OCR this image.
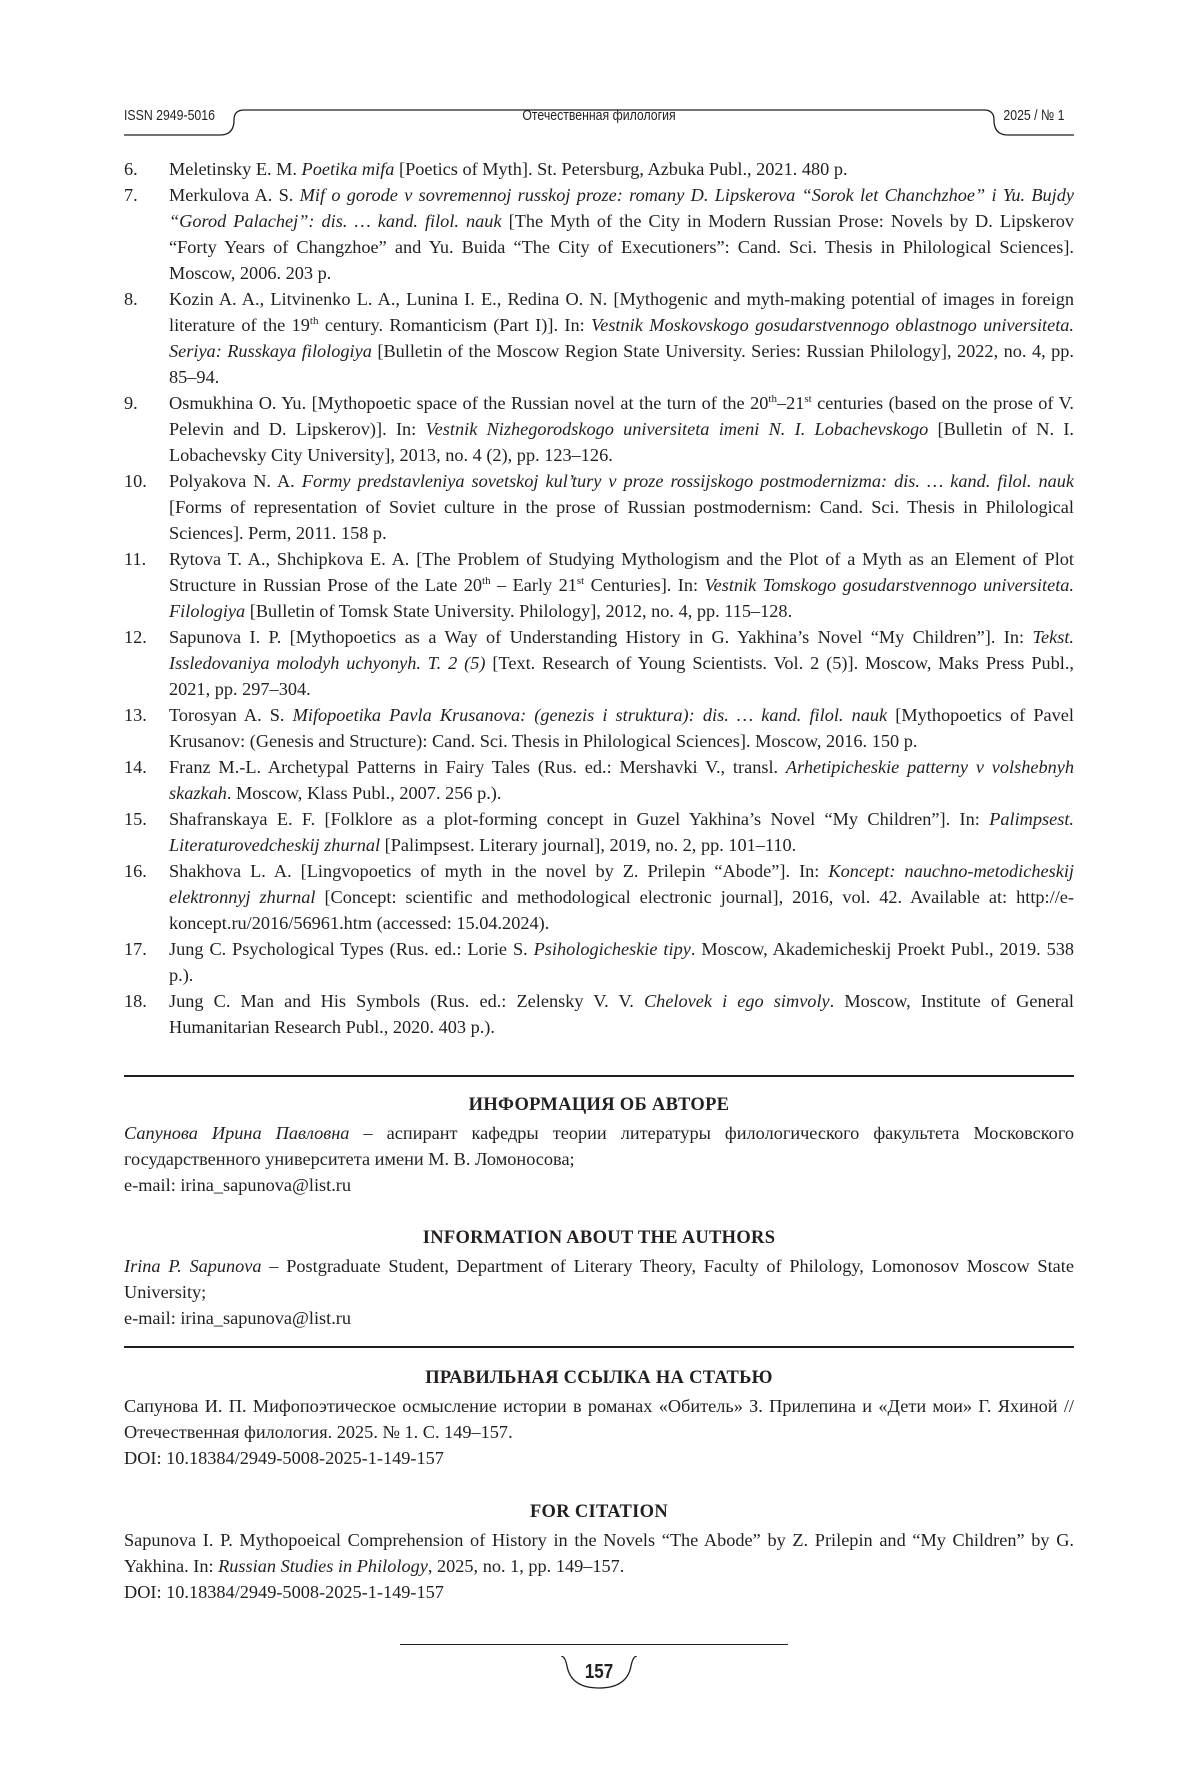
ISSN 2949-5016	Отечественная филология	2025 / № 1
6.	Meletinsky E. M. Poetika mifa [Poetics of Myth]. St. Petersburg, Azbuka Publ., 2021. 480 p.
7.	Merkulova A. S. Mif o gorode v sovremennoj russkoj proze: romany D. Lipskerova “Sorok let Chanchzhoe” i Yu. Bujdy “Gorod Palachej”: dis. … kand. filol. nauk [The Myth of the City in Modern Russian Prose: Novels by D. Lipskerov “Forty Years of Changzhoe” and Yu. Buida “The City of Executioners”: Cand. Sci. Thesis in Philological Sciences]. Moscow, 2006. 203 p.
8.	Kozin A. A., Litvinenko L. A., Lunina I. E., Redina O. N. [Mythogenic and myth-making potential of images in foreign literature of the 19th century. Romanticism (Part I)]. In: Vestnik Moskovskogo gosudarstvennogo oblastnogo universiteta. Seriya: Russkaya filologiya [Bulletin of the Moscow Region State University. Series: Russian Philology], 2022, no. 4, pp. 85–94.
9.	Osmukhina O. Yu. [Mythopoetic space of the Russian novel at the turn of the 20th–21st centuries (based on the prose of V. Pelevin and D. Lipskerov)]. In: Vestnik Nizhegorodskogo universiteta imeni N. I. Lobachevskogo [Bulletin of N. I. Lobachevsky City University], 2013, no. 4 (2), pp. 123–126.
10.	Polyakova N. A. Formy predstavleniya sovetskoj kul’tury v proze rossijskogo postmodernizma: dis. … kand. filol. nauk [Forms of representation of Soviet culture in the prose of Russian postmodernism: Cand. Sci. Thesis in Philological Sciences]. Perm, 2011. 158 p.
11.	Rytova T. A., Shchipkova E. A. [The Problem of Studying Mythologism and the Plot of a Myth as an Element of Plot Structure in Russian Prose of the Late 20th – Early 21st Centuries]. In: Vestnik Tomskogo gosudarstvennogo universiteta. Filologiya [Bulletin of Tomsk State University. Philology], 2012, no. 4, pp. 115–128.
12.	Sapunova I. P. [Mythopoetics as a Way of Understanding History in G. Yakhina’s Novel “My Children”]. In: Tekst. Issledovaniya molodyh uchyonyh. T. 2 (5) [Text. Research of Young Scientists. Vol. 2 (5)]. Moscow, Maks Press Publ., 2021, pp. 297–304.
13.	Torosyan A. S. Mifopoetika Pavla Krusanova: (genezis i struktura): dis. … kand. filol. nauk [Mythopoetics of Pavel Krusanov: (Genesis and Structure): Cand. Sci. Thesis in Philological Sciences]. Moscow, 2016. 150 p.
14.	Franz M.-L. Archetypal Patterns in Fairy Tales (Rus. ed.: Mershavki V., transl. Arhetipicheskie patterny v volshebnyh skazkah. Moscow, Klass Publ., 2007. 256 p.).
15.	Shafranskaya E. F. [Folklore as a plot-forming concept in Guzel Yakhina’s Novel “My Children”]. In: Palimpsest. Literaturovedcheskij zhurnal [Palimpsest. Literary journal], 2019, no. 2, pp. 101–110.
16.	Shakhova L. A. [Lingvopoetics of myth in the novel by Z. Prilepin “Abode”]. In: Koncept: nauchno-metodicheskij elektronnyj zhurnal [Concept: scientific and methodological electronic journal], 2016, vol. 42. Available at: http://e-koncept.ru/2016/56961.htm (accessed: 15.04.2024).
17.	Jung C. Psychological Types (Rus. ed.: Lorie S. Psihologicheskie tipy. Moscow, Akademicheskij Proekt Publ., 2019. 538 p.).
18.	Jung C. Man and His Symbols (Rus. ed.: Zelensky V. V. Chelovek i ego simvoly. Moscow, Institute of General Humanitarian Research Publ., 2020. 403 p.).
ИНФОРМАЦИЯ ОБ АВТОРЕ

Сапунова Ирина Павловна – аспирант кафедры теории литературы филологического факультета Московского государственного университета имени М. В. Ломоносова;

e-mail: irina_sapunova@list.ru

INFORMATION ABOUT THE AUTHORS

Irina P. Sapunova – Postgraduate Student, Department of Literary Theory, Faculty of Philology, Lomonosov Moscow State University;

e-mail: irina_sapunova@list.ru

ПРАВИЛЬНАЯ ССЫЛКА НА СТАТЬЮ

Сапунова И. П. Мифопоэтическое осмысление истории в романах «Обитель» З. Прилепина и «Дети мои» Г. Яхиной // Отечественная филология. 2025. № 1. С. 149–157.

DOI: 10.18384/2949-5008-2025-1-149-157

FOR CITATION

Sapunova I. P. Mythopoeical Comprehension of History in the Novels “The Abode” by Z. Prilepin and “My Children” by G. Yakhina. In: Russian Studies in Philology, 2025, no. 1, pp. 149–157.

DOI: 10.18384/2949-5008-2025-1-149-157

157
